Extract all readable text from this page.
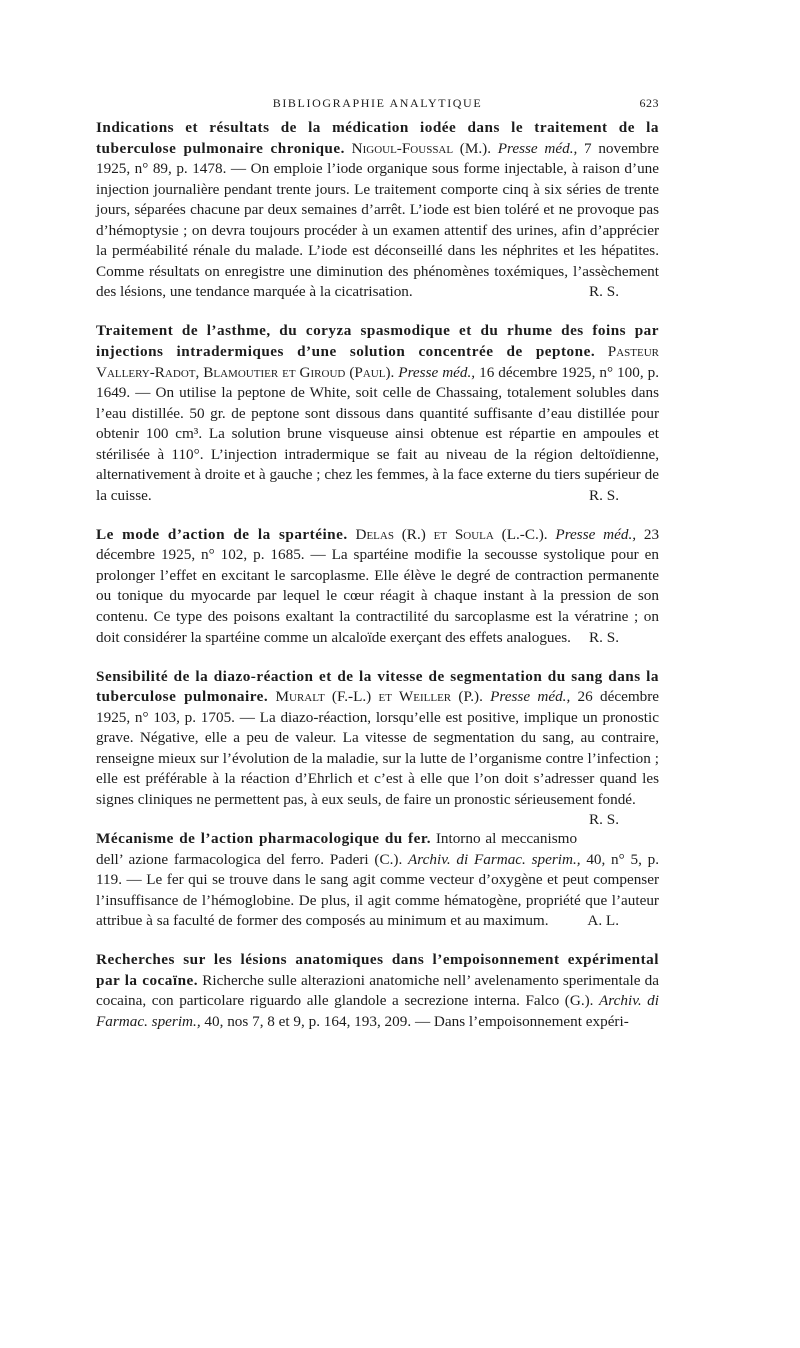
BIBLIOGRAPHIE ANALYTIQUE	623

Indications et résultats de la médication iodée dans le traitement de la tuberculose pulmonaire chronique. Nigoul-Foussal (M.). Presse méd., 7 novembre 1925, n° 89, p. 1478. — On emploie l’iode organique sous forme injectable, à raison d’une injection journalière pendant trente jours. Le traitement comporte cinq à six séries de trente jours, séparées chacune par deux semaines d’arrêt. L’iode est bien toléré et ne provoque pas d’hémoptysie ; on devra toujours procéder à un examen attentif des urines, afin d’apprécier la perméabilité rénale du malade. L’iode est déconseillé dans les néphrites et les hépatites. Comme résultats on enregistre une diminution des phénomènes toxémiques, l’assèchement des lésions, une tendance marquée à la cicatrisation.	R. S.

Traitement de l’asthme, du coryza spasmodique et du rhume des foins par injections intradermiques d’une solution concentrée de peptone. Pasteur Vallery-Radot, Blamoutier et Giroud (Paul). Presse méd., 16 décembre 1925, n° 100, p. 1649. — On utilise la peptone de White, soit celle de Chassaing, totalement solubles dans l’eau distillée. 50 gr. de peptone sont dissous dans quantité suffisante d’eau distillée pour obtenir 100 cm³. La solution brune visqueuse ainsi obtenue est répartie en ampoules et stérilisée à 110°. L’injection intradermique se fait au niveau de la région deltoïdienne, alternativement à droite et à gauche ; chez les femmes, à la face externe du tiers supérieur de la cuisse.	R. S.

Le mode d’action de la spartéine. Delas (R.) et Soula (L.-C.). Presse méd., 23 décembre 1925, n° 102, p. 1685. — La spartéine modifie la secousse systolique pour en prolonger l’effet en excitant le sarcoplasme. Elle élève le degré de contraction permanente ou tonique du myocarde par lequel le cœur réagit à chaque instant à la pression de son contenu. Ce type des poisons exaltant la contractilité du sarcoplasme est la vératrine ; on doit considérer la spartéine comme un alcaloïde exerçant des effets analogues.	R. S.

Sensibilité de la diazo-réaction et de la vitesse de segmentation du sang dans la tuberculose pulmonaire. Muralt (F.-L.) et Weiller (P.). Presse méd., 26 décembre 1925, n° 103, p. 1705. — La diazo-réaction, lorsqu’elle est positive, implique un pronostic grave. Négative, elle a peu de valeur. La vitesse de segmentation du sang, au contraire, renseigne mieux sur l’évolution de la maladie, sur la lutte de l’organisme contre l’infection ; elle est préférable à la réaction d’Ehrlich et c’est à elle que l’on doit s’adresser quand les signes cliniques ne permettent pas, à eux seuls, de faire un pronostic sérieusement fondé.
R. S.

Mécanisme de l’action pharmacologique du fer. Intorno al meccanismo dell’ azione farmacologica del ferro. Paderi (C.). Archiv. di Farmac. sperim., 40, n° 5, p. 119. — Le fer qui se trouve dans le sang agit comme vecteur d’oxygène et peut compenser l’insuffisance de l’hémoglobine. De plus, il agit comme hématogène, propriété que l’auteur attribue à sa faculté de former des composés au minimum et au maximum.	A. L.

Recherches sur les lésions anatomiques dans l’empoisonnement expérimental par la cocaïne. Richerche sulle alterazioni anatomiche nell’ avelenamento sperimentale da cocaina, con particolare riguardo alle glandole a secrezione interna. Falco (G.). Archiv. di Farmac. sperim., 40, nos 7, 8 et 9, p. 164, 193, 209. — Dans l’empoisonnement expéri-
